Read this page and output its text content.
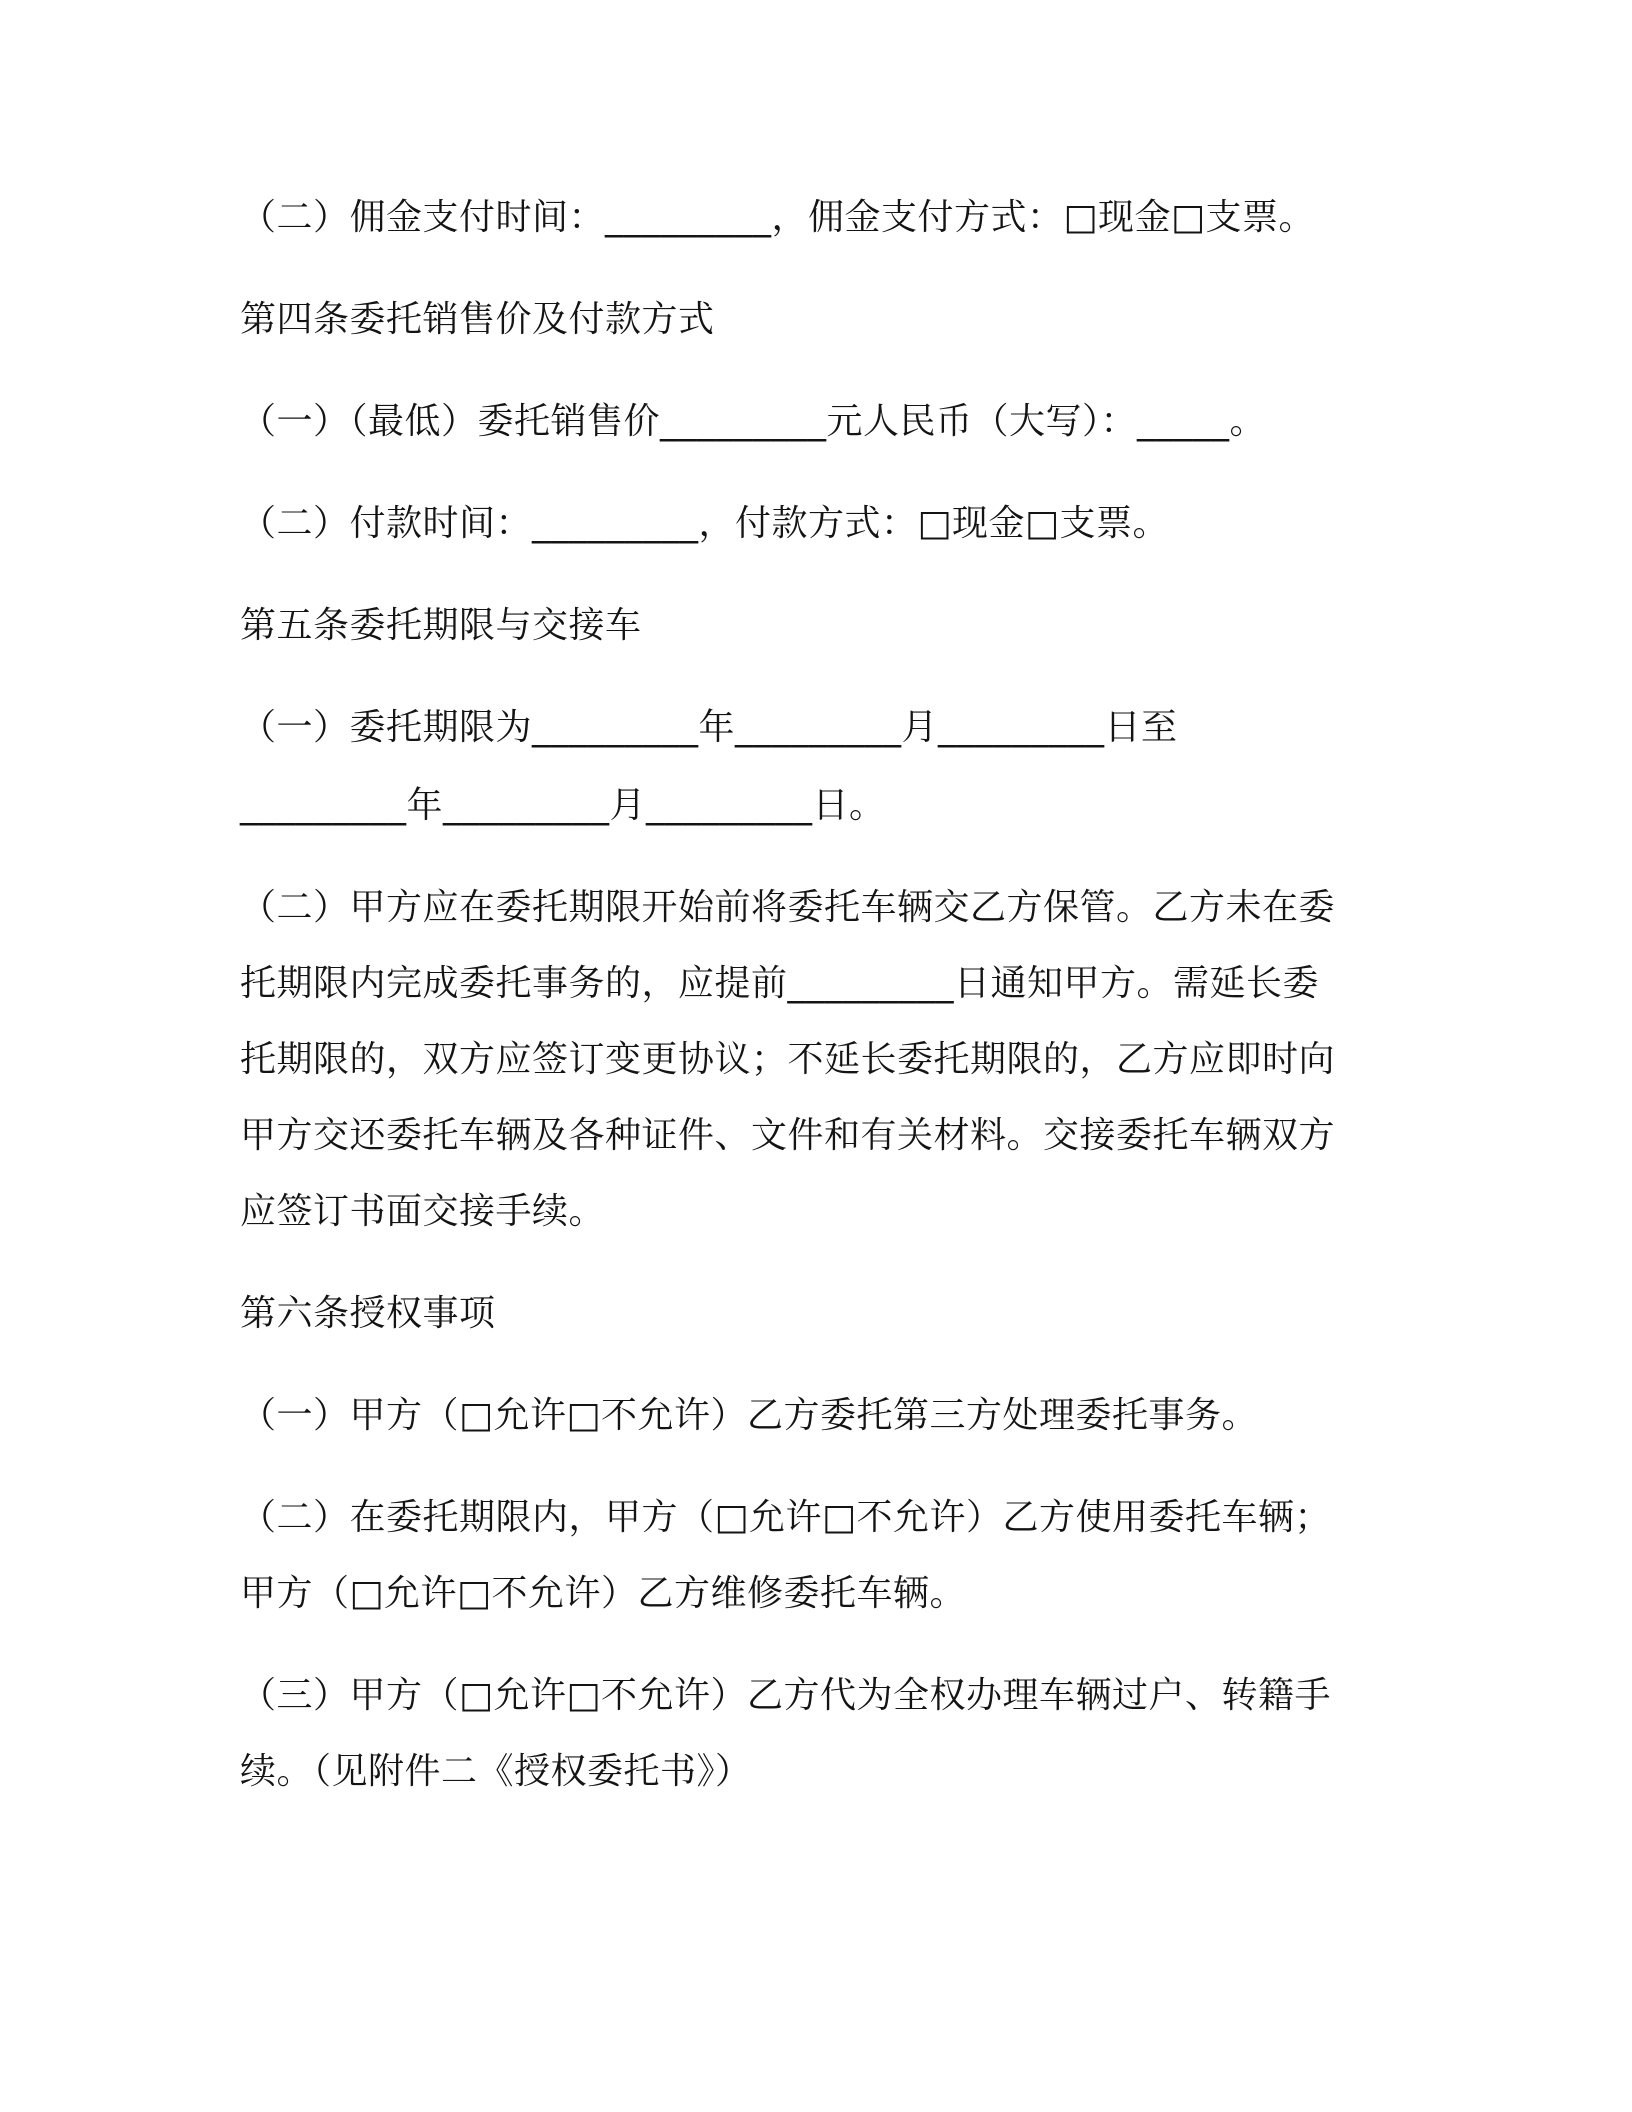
（二）佣金支付时间：_________，佣金支付方式：□现金□支票。

第四条委托销售价及付款方式

（一）（最低）委托销售价_________元人民币（大写）：_____。

（二）付款时间：_________，付款方式：□现金□支票。

第五条委托期限与交接车

（一）委托期限为_________年_________月_________日至

_________年_________月_________日。

（二）甲方应在委托期限开始前将委托车辆交乙方保管。乙方未在委

托期限内完成委托事务的，应提前_________日通知甲方。需延长委

托期限的，双方应签订变更协议；不延长委托期限的，乙方应即时向

甲方交还委托车辆及各种证件、文件和有关材料。交接委托车辆双方

应签订书面交接手续。

第六条授权事项

（一）甲方（□允许□不允许）乙方委托第三方处理委托事务。

（二）在委托期限内，甲方（□允许□不允许）乙方使用委托车辆；

甲方（□允许□不允许）乙方维修委托车辆。

（三）甲方（□允许□不允许）乙方代为全权办理车辆过户、转籍手

续。（见附件二《授权委托书》）
